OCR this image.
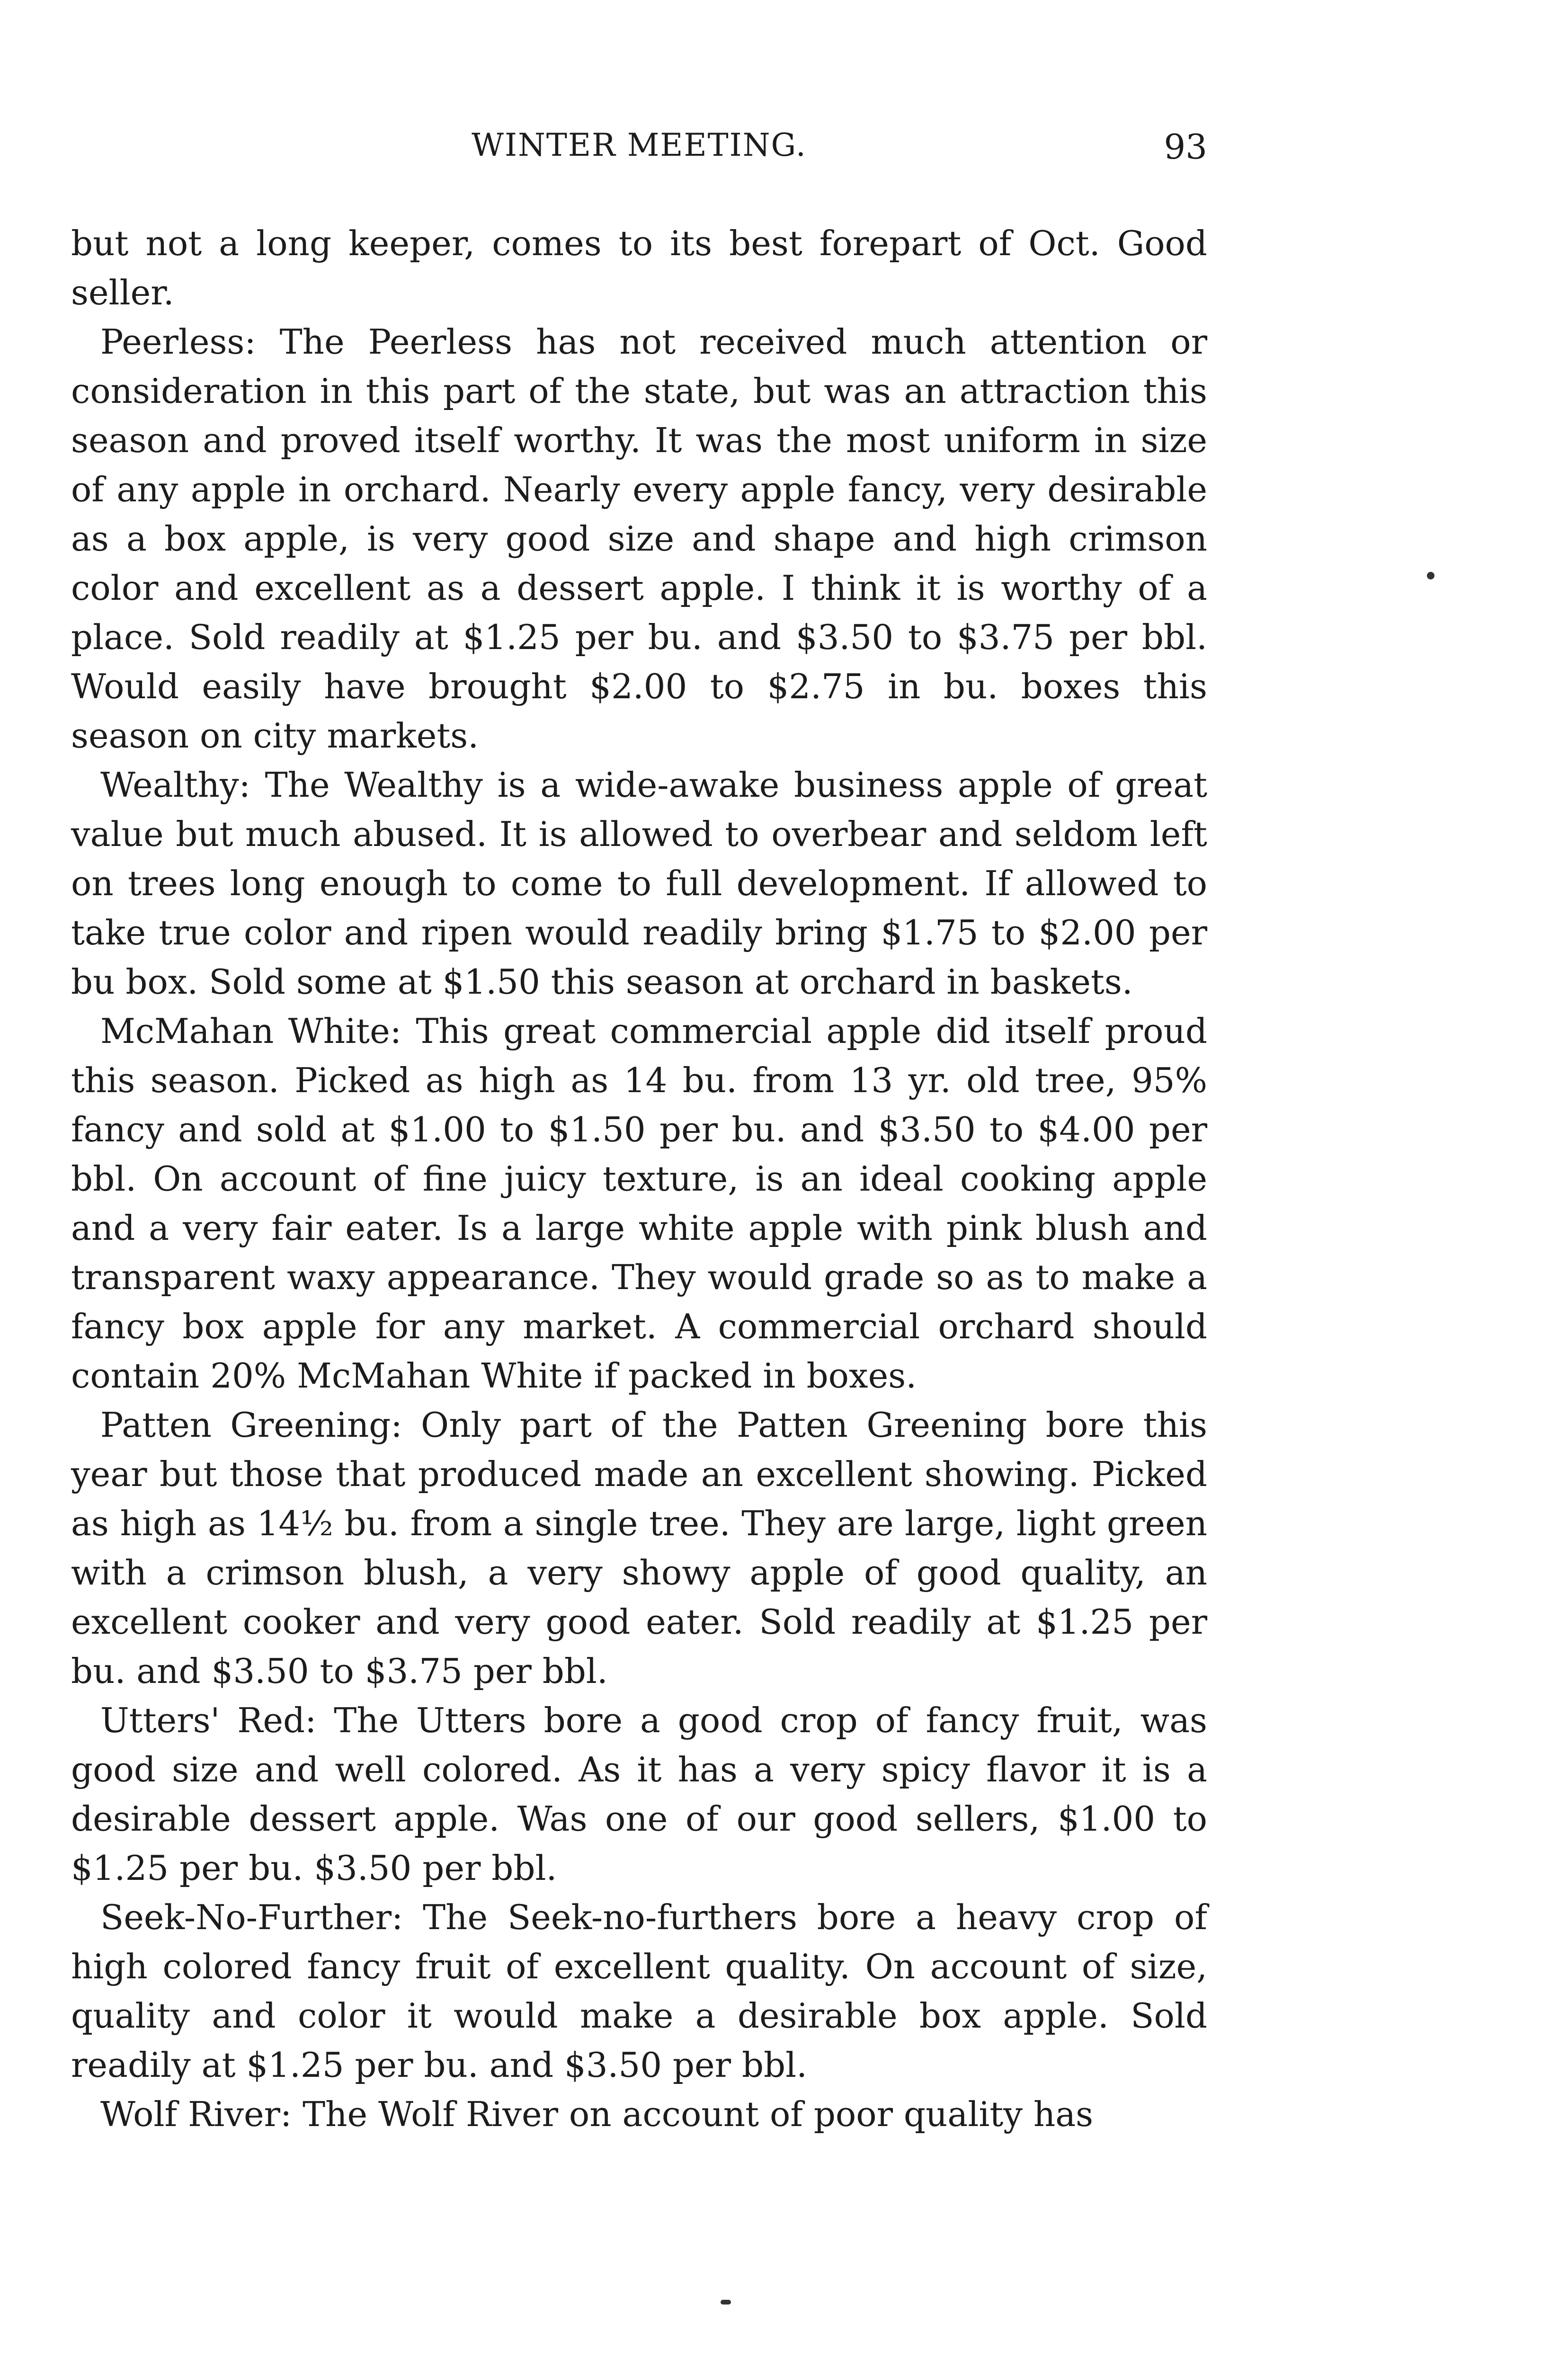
WINTER MEETING.	93

but not a long keeper, comes to its best forepart of Oct. Good seller.

Peerless: The Peerless has not received much attention or consideration in this part of the state, but was an attraction this season and proved itself worthy. It was the most uniform in size of any apple in orchard. Nearly every apple fancy, very desirable as a box apple, is very good size and shape and high crimson color and excellent as a dessert apple. I think it is worthy of a place. Sold readily at $1.25 per bu. and $3.50 to $3.75 per bbl. Would easily have brought $2.00 to $2.75 in bu. boxes this season on city markets.

Wealthy: The Wealthy is a wide-awake business apple of great value but much abused. It is allowed to overbear and seldom left on trees long enough to come to full development. If allowed to take true color and ripen would readily bring $1.75 to $2.00 per bu box. Sold some at $1.50 this season at orchard in baskets.

McMahan White: This great commercial apple did itself proud this season. Picked as high as 14 bu. from 13 yr. old tree, 95% fancy and sold at $1.00 to $1.50 per bu. and $3.50 to $4.00 per bbl. On account of fine juicy texture, is an ideal cooking apple and a very fair eater. Is a large white apple with pink blush and transparent waxy appearance. They would grade so as to make a fancy box apple for any market. A commercial orchard should contain 20% McMahan White if packed in boxes.

Patten Greening: Only part of the Patten Greening bore this year but those that produced made an excellent showing. Picked as high as 14½ bu. from a single tree. They are large, light green with a crimson blush, a very showy apple of good quality, an excellent cooker and very good eater. Sold readily at $1.25 per bu. and $3.50 to $3.75 per bbl.

Utters' Red: The Utters bore a good crop of fancy fruit, was good size and well colored. As it has a very spicy flavor it is a desirable dessert apple. Was one of our good sellers, $1.00 to $1.25 per bu. $3.50 per bbl.

Seek-No-Further: The Seek-no-furthers bore a heavy crop of high colored fancy fruit of excellent quality. On account of size, quality and color it would make a desirable box apple. Sold readily at $1.25 per bu. and $3.50 per bbl.

Wolf River: The Wolf River on account of poor quality has
